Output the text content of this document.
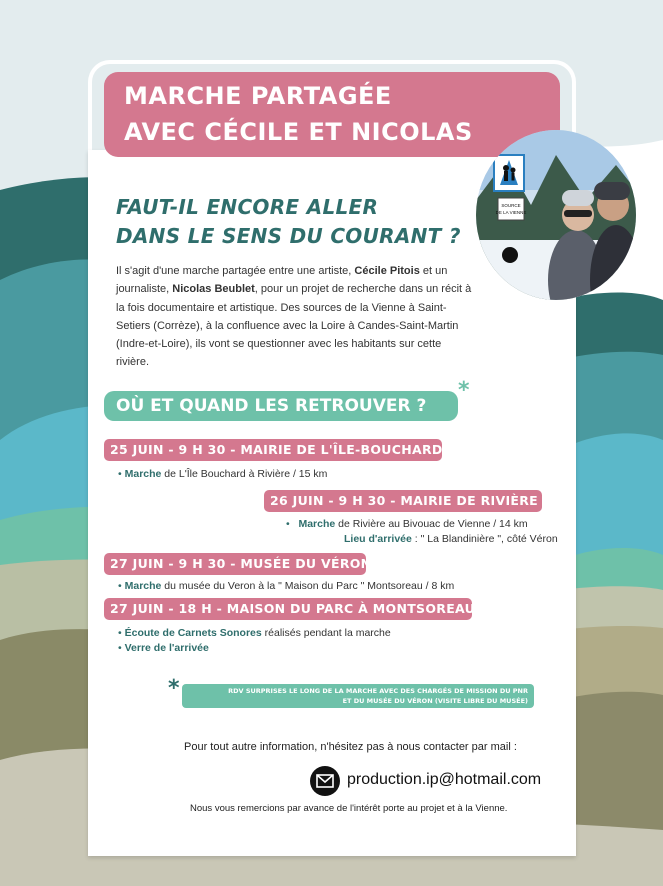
MARCHE PARTAGÉE
AVEC CÉCILE ET NICOLAS
SOURCE
DE LA VIENNE
FAUT-IL ENCORE ALLER
DANS LE SENS DU COURANT ?
Il s'agit d'une marche partagée entre une artiste, Cécile Pitois et un journaliste, Nicolas Beublet, pour un projet de recherche dans un récit à la fois documentaire et artistique. Des sources de la Vienne à Saint-Setiers (Corrèze), à la confluence avec la Loire à Candes-Saint-Martin (Indre-et-Loire), ils vont se questionner avec les habitants sur cette rivière.
OÙ ET QUAND LES RETROUVER ?
*
25 JUIN - 9 H 30 - MAIRIE DE L'ÎLE-BOUCHARD
• Marche de L'Île Bouchard à Rivière / 15 km
26 JUIN - 9 H 30 - MAIRIE DE RIVIÈRE
• Marche de Rivière au Bivouac de Vienne / 14 km
Lieu d'arrivée : " La Blandinière ", côté Véron
27 JUIN - 9 H 30 - MUSÉE DU VÉRON
• Marche du musée du Veron à la " Maison du Parc " Montsoreau / 8 km
27 JUIN - 18 H - MAISON DU PARC À MONTSOREAU
• Écoute de Carnets Sonores réalisés pendant la marche
• Verre de l'arrivée
*	RDV SURPRISES LE LONG DE LA MARCHE AVEC DES CHARGÉS DE MISSION DU PNR
ET DU MUSÉE DU VÉRON (VISITE LIBRE DU MUSÉE)
Pour tout autre information, n'hésitez pas à nous contacter par mail :
production.ip@hotmail.com
Nous vous remercions par avance de l'intérêt porte au projet et à la Vienne.
